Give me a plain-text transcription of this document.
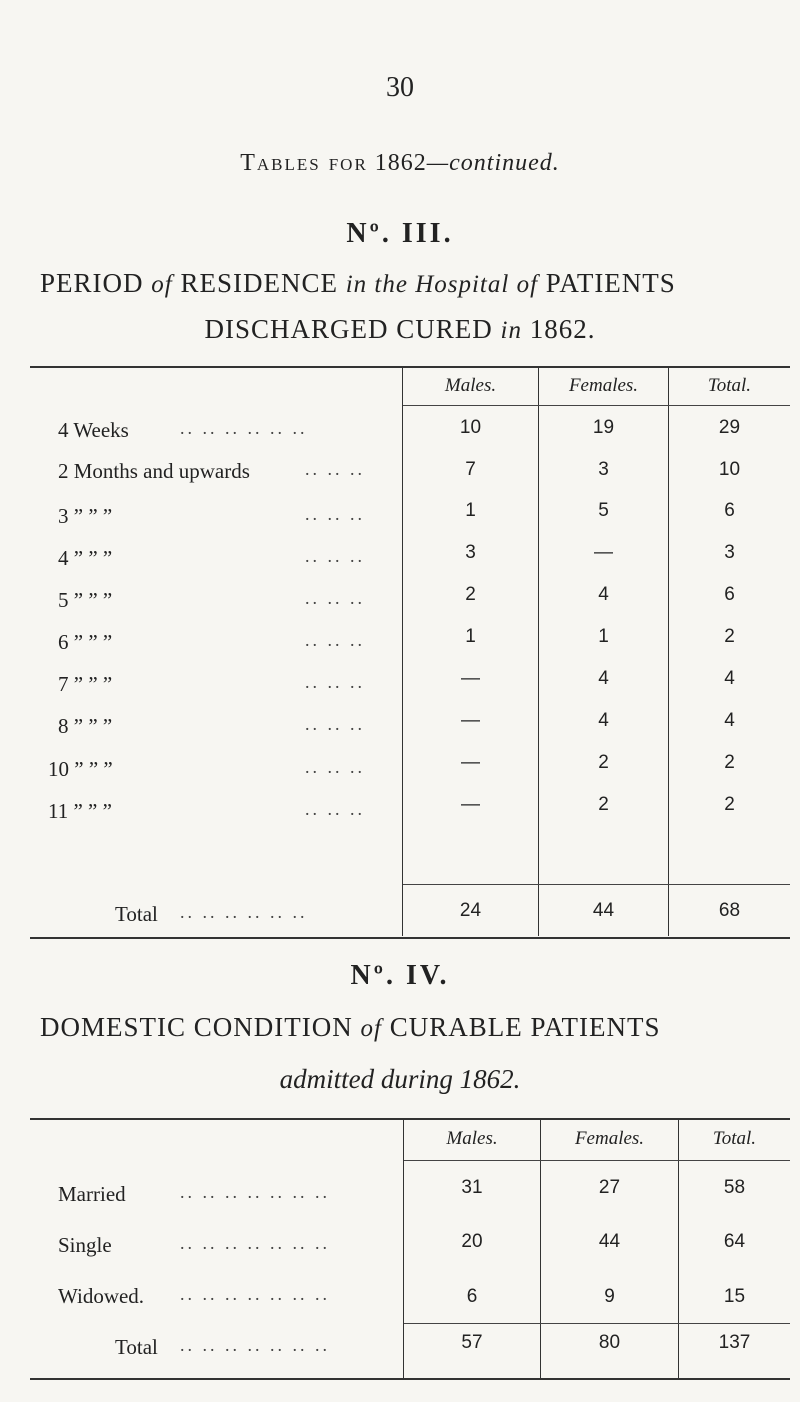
30
Tables for 1862—continued.
Nº. III.
PERIOD of RESIDENCE in the Hospital of PATIENTS
DISCHARGED CURED in 1862.
Males.	Females.	Total.
4 Weeks	.. .. .. .. .. ..	10	19	29
2 Months and upwards	.. .. ..	7	3	10
3 ” ” ”	.. .. ..	1	5	6
4 ” ” ”	.. .. ..	3	—	3
5 ” ” ”	.. .. ..	2	4	6
6 ” ” ”	.. .. ..	1	1	2
7 ” ” ”	.. .. ..	—	4	4
8 ” ” ”	.. .. ..	—	4	4
10 ” ” ”	.. .. ..	—	2	2
11 ” ” ”	.. .. ..	—	2	2
Total .. .. .. .. .. ..	24	44	68
Nº. IV.
DOMESTIC CONDITION of CURABLE PATIENTS
admitted during 1862.
Males.	Females.	Total.
Married	.. .. .. .. .. .. ..	31	27	58
Single	.. .. .. .. .. .. ..	20	44	64
Widowed. .. .. .. .. .. .. ..	6	9	15
Total .. .. .. .. .. .. ..	57	80	137
